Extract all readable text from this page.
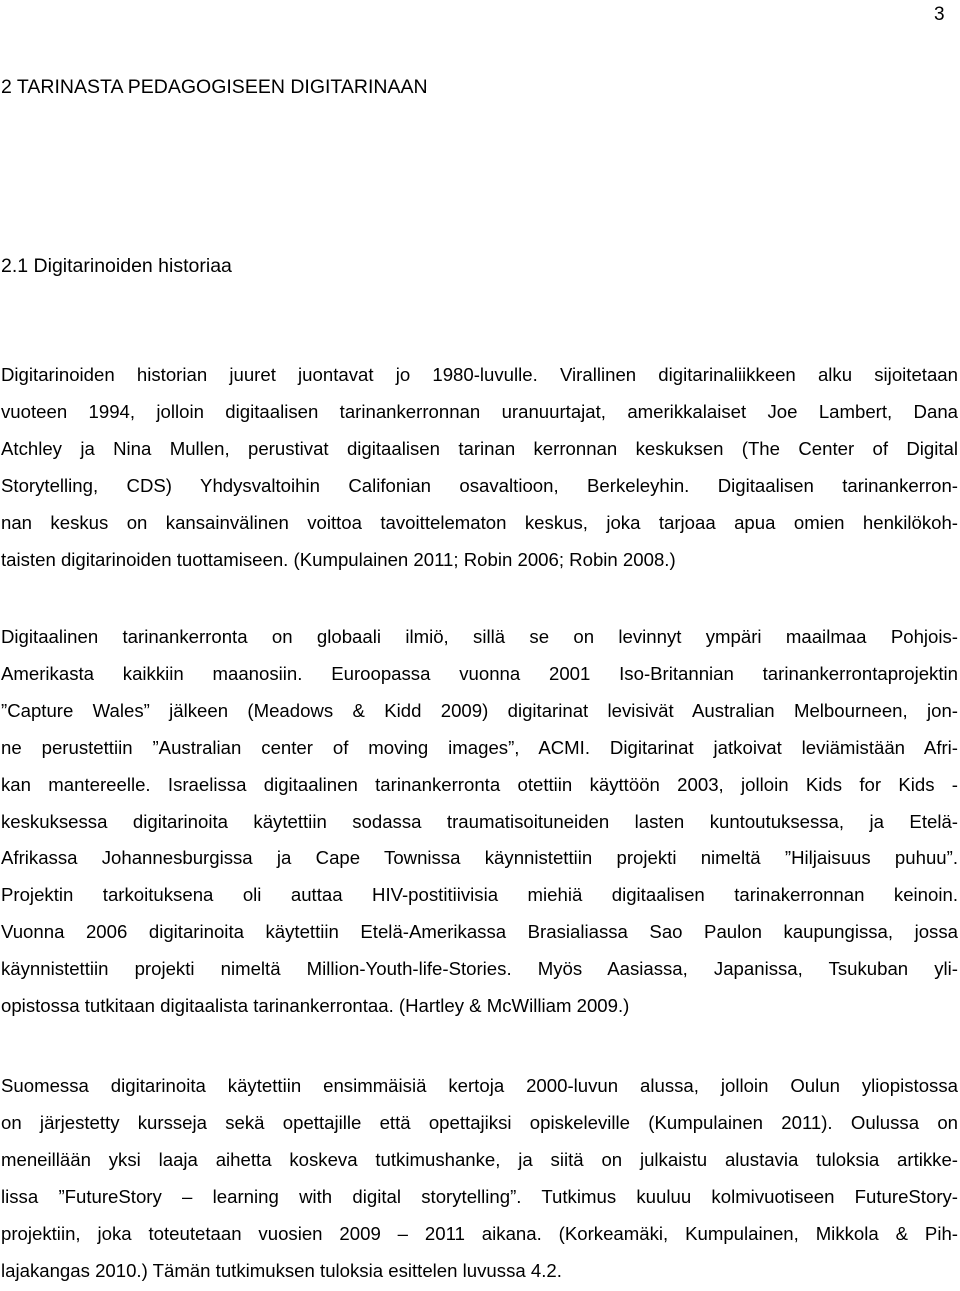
3
2 TARINASTA PEDAGOGISEEN DIGITARINAAN
2.1 Digitarinoiden historiaa

Digitarinoiden historian juuret juontavat jo 1980-luvulle. Virallinen digitarinaliikkeen alku sijoitetaan
vuoteen 1994, jolloin digitaalisen tarinankerronnan uranuurtajat, amerikkalaiset Joe Lambert, Dana
Atchley ja Nina Mullen, perustivat digitaalisen tarinan kerronnan keskuksen (The Center of Digital
Storytelling, CDS) Yhdysvaltoihin Califonian osavaltioon, Berkeleyhin. Digitaalisen tarinankerron-
nan keskus on kansainvälinen voittoa tavoittelematon keskus, joka tarjoaa apua omien henkilökoh-
taisten digitarinoiden tuottamiseen. (Kumpulainen 2011; Robin 2006; Robin 2008.)

Digitaalinen tarinankerronta on globaali ilmiö, sillä se on levinnyt ympäri maailmaa Pohjois-
Amerikasta kaikkiin maanosiin. Euroopassa vuonna 2001 Iso-Britannian tarinankerrontaprojektin
”Capture Wales” jälkeen (Meadows & Kidd 2009) digitarinat levisivät Australian Melbourneen, jon-
ne perustettiin ”Australian center of moving images”, ACMI. Digitarinat jatkoivat leviämistään Afri-
kan mantereelle. Israelissa digitaalinen tarinankerronta otettiin käyttöön 2003, jolloin Kids for Kids -
keskuksessa digitarinoita käytettiin sodassa traumatisoituneiden lasten kuntoutuksessa, ja Etelä-
Afrikassa Johannesburgissa ja Cape Townissa käynnistettiin projekti nimeltä ”Hiljaisuus puhuu”.
Projektin tarkoituksena oli auttaa HIV-postitiivisia miehiä digitaalisen tarinakerronnan keinoin.
Vuonna 2006 digitarinoita käytettiin Etelä-Amerikassa Brasialiassa Sao Paulon kaupungissa, jossa
käynnistettiin projekti nimeltä Million-Youth-life-Stories. Myös Aasiassa, Japanissa, Tsukuban yli-
opistossa tutkitaan digitaalista tarinankerrontaa. (Hartley & McWilliam 2009.)

Suomessa digitarinoita käytettiin ensimmäisiä kertoja 2000-luvun alussa, jolloin Oulun yliopistossa
on järjestetty kursseja sekä opettajille että opettajiksi opiskeleville (Kumpulainen 2011). Oulussa on
meneillään yksi laaja aihetta koskeva tutkimushanke, ja siitä on julkaistu alustavia tuloksia artikke-
lissa ”FutureStory – learning with digital storytelling”. Tutkimus kuuluu kolmivuotiseen FutureStory-
projektiin, joka toteutetaan vuosien 2009 – 2011 aikana. (Korkeamäki, Kumpulainen, Mikkola & Pih-
lajakangas 2010.) Tämän tutkimuksen tuloksia esittelen luvussa 4.2.
